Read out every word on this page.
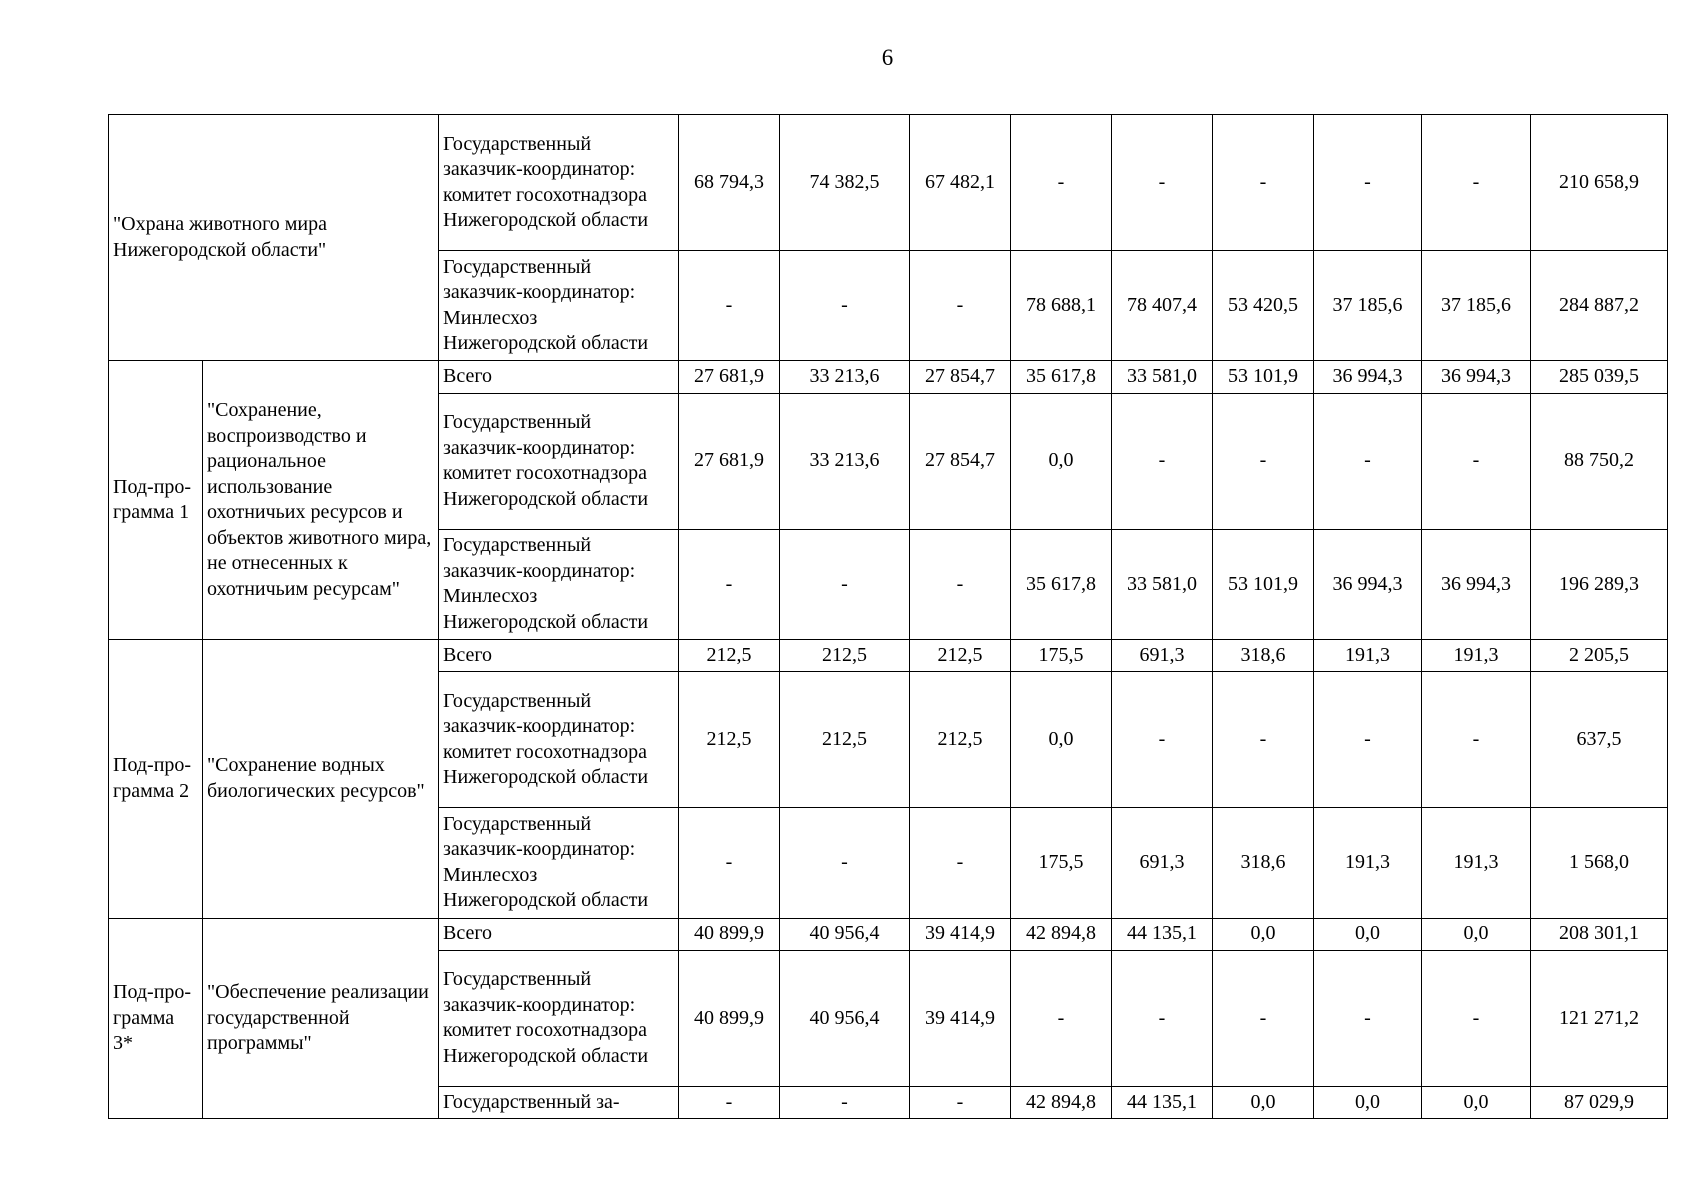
6
"Охрана животного мира Нижегородской области"		Государственный заказчик-координатор: комитет госохотнадзора Нижегородской области	68 794,3	74 382,5	67 482,1	-	-	-	-	-	210 658,9
		Государственный заказчик-координатор: Минлесхоз Нижегородской области	-	-	-	78 688,1	78 407,4	53 420,5	37 185,6	37 185,6	284 887,2
Под-про-грамма 1	"Сохранение, воспроизводство и рациональное использование охотничьих ресурсов и объектов животного мира, не отнесенных к охотничьим ресурсам"	Всего	27 681,9	33 213,6	27 854,7	35 617,8	33 581,0	53 101,9	36 994,3	36 994,3	285 039,5
		Государственный заказчик-координатор: комитет госохотнадзора Нижегородской области	27 681,9	33 213,6	27 854,7	0,0	-	-	-	-	88 750,2
		Государственный заказчик-координатор: Минлесхоз Нижегородской области	-	-	-	35 617,8	33 581,0	53 101,9	36 994,3	36 994,3	196 289,3
Под-про-грамма 2	"Сохранение водных биологических ресурсов"	Всего	212,5	212,5	212,5	175,5	691,3	318,6	191,3	191,3	2 205,5
		Государственный заказчик-координатор: комитет госохотнадзора Нижегородской области	212,5	212,5	212,5	0,0	-	-	-	-	637,5
		Государственный заказчик-координатор: Минлесхоз Нижегородской области	-	-	-	175,5	691,3	318,6	191,3	191,3	1 568,0
Под-про-грамма 3*	"Обеспечение реализации государственной программы"	Всего	40 899,9	40 956,4	39 414,9	42 894,8	44 135,1	0,0	0,0	0,0	208 301,1
		Государственный заказчик-координатор: комитет госохотнадзора Нижегородской области	40 899,9	40 956,4	39 414,9	-	-	-	-	-	121 271,2
		Государственный за-	-	-	-	42 894,8	44 135,1	0,0	0,0	0,0	87 029,9
